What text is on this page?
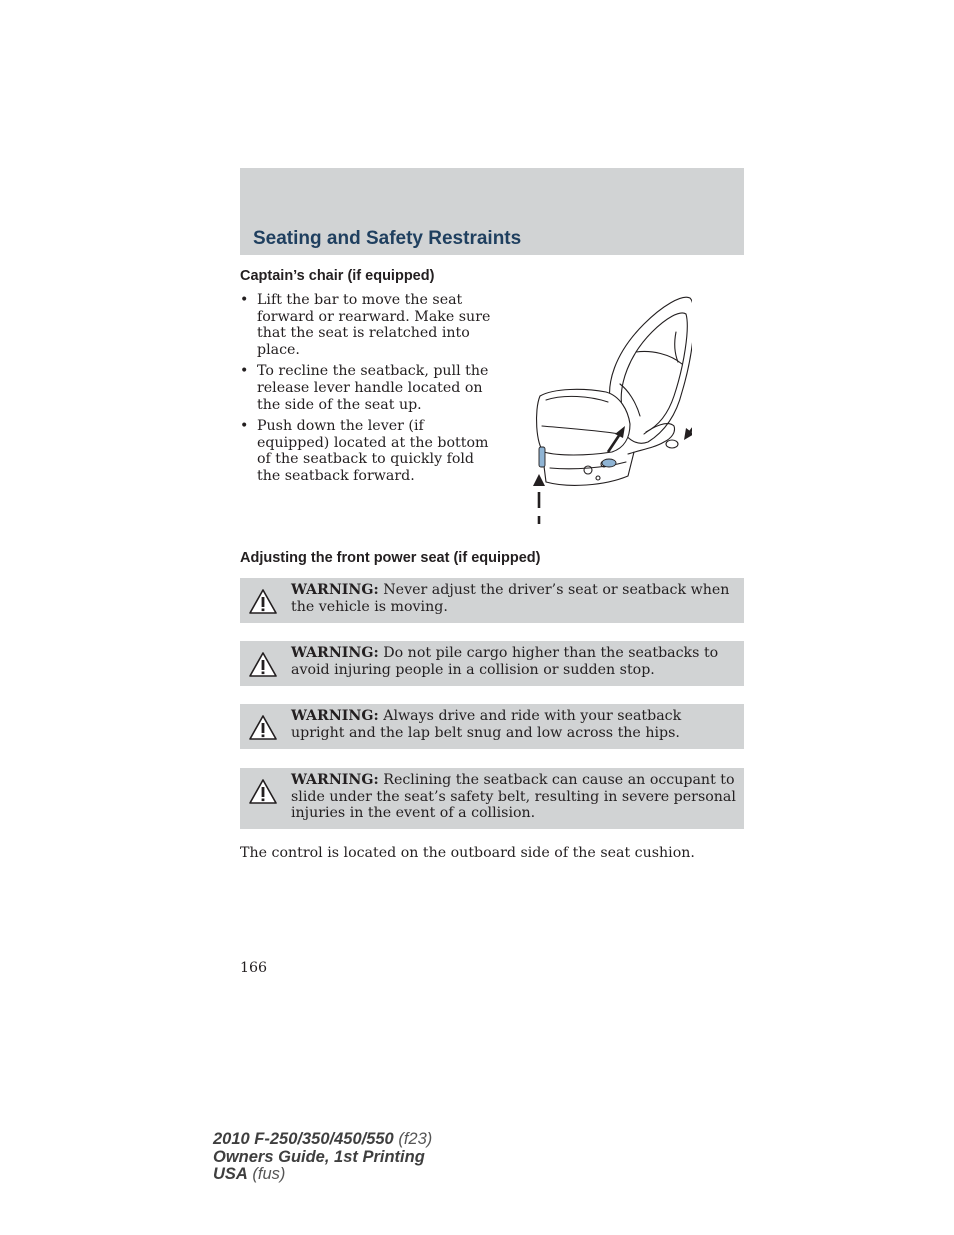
Seating and Safety Restraints
Captain’s chair (if equipped)
• Lift the bar to move the seat forward or rearward. Make sure that the seat is relatched into place.
• To recline the seatback, pull the release lever handle located on the side of the seat up.
• Push down the lever (if equipped) located at the bottom of the seatback to quickly fold the seatback forward.
Adjusting the front power seat (if equipped)
WARNING: Never adjust the driver’s seat or seatback when the vehicle is moving.
WARNING: Do not pile cargo higher than the seatbacks to avoid injuring people in a collision or sudden stop.
WARNING: Always drive and ride with your seatback upright and the lap belt snug and low across the hips.
WARNING: Reclining the seatback can cause an occupant to slide under the seat’s safety belt, resulting in severe personal injuries in the event of a collision.
The control is located on the outboard side of the seat cushion.
166
2010 F-250/350/450/550 (f23)
Owners Guide, 1st Printing
USA (fus)
